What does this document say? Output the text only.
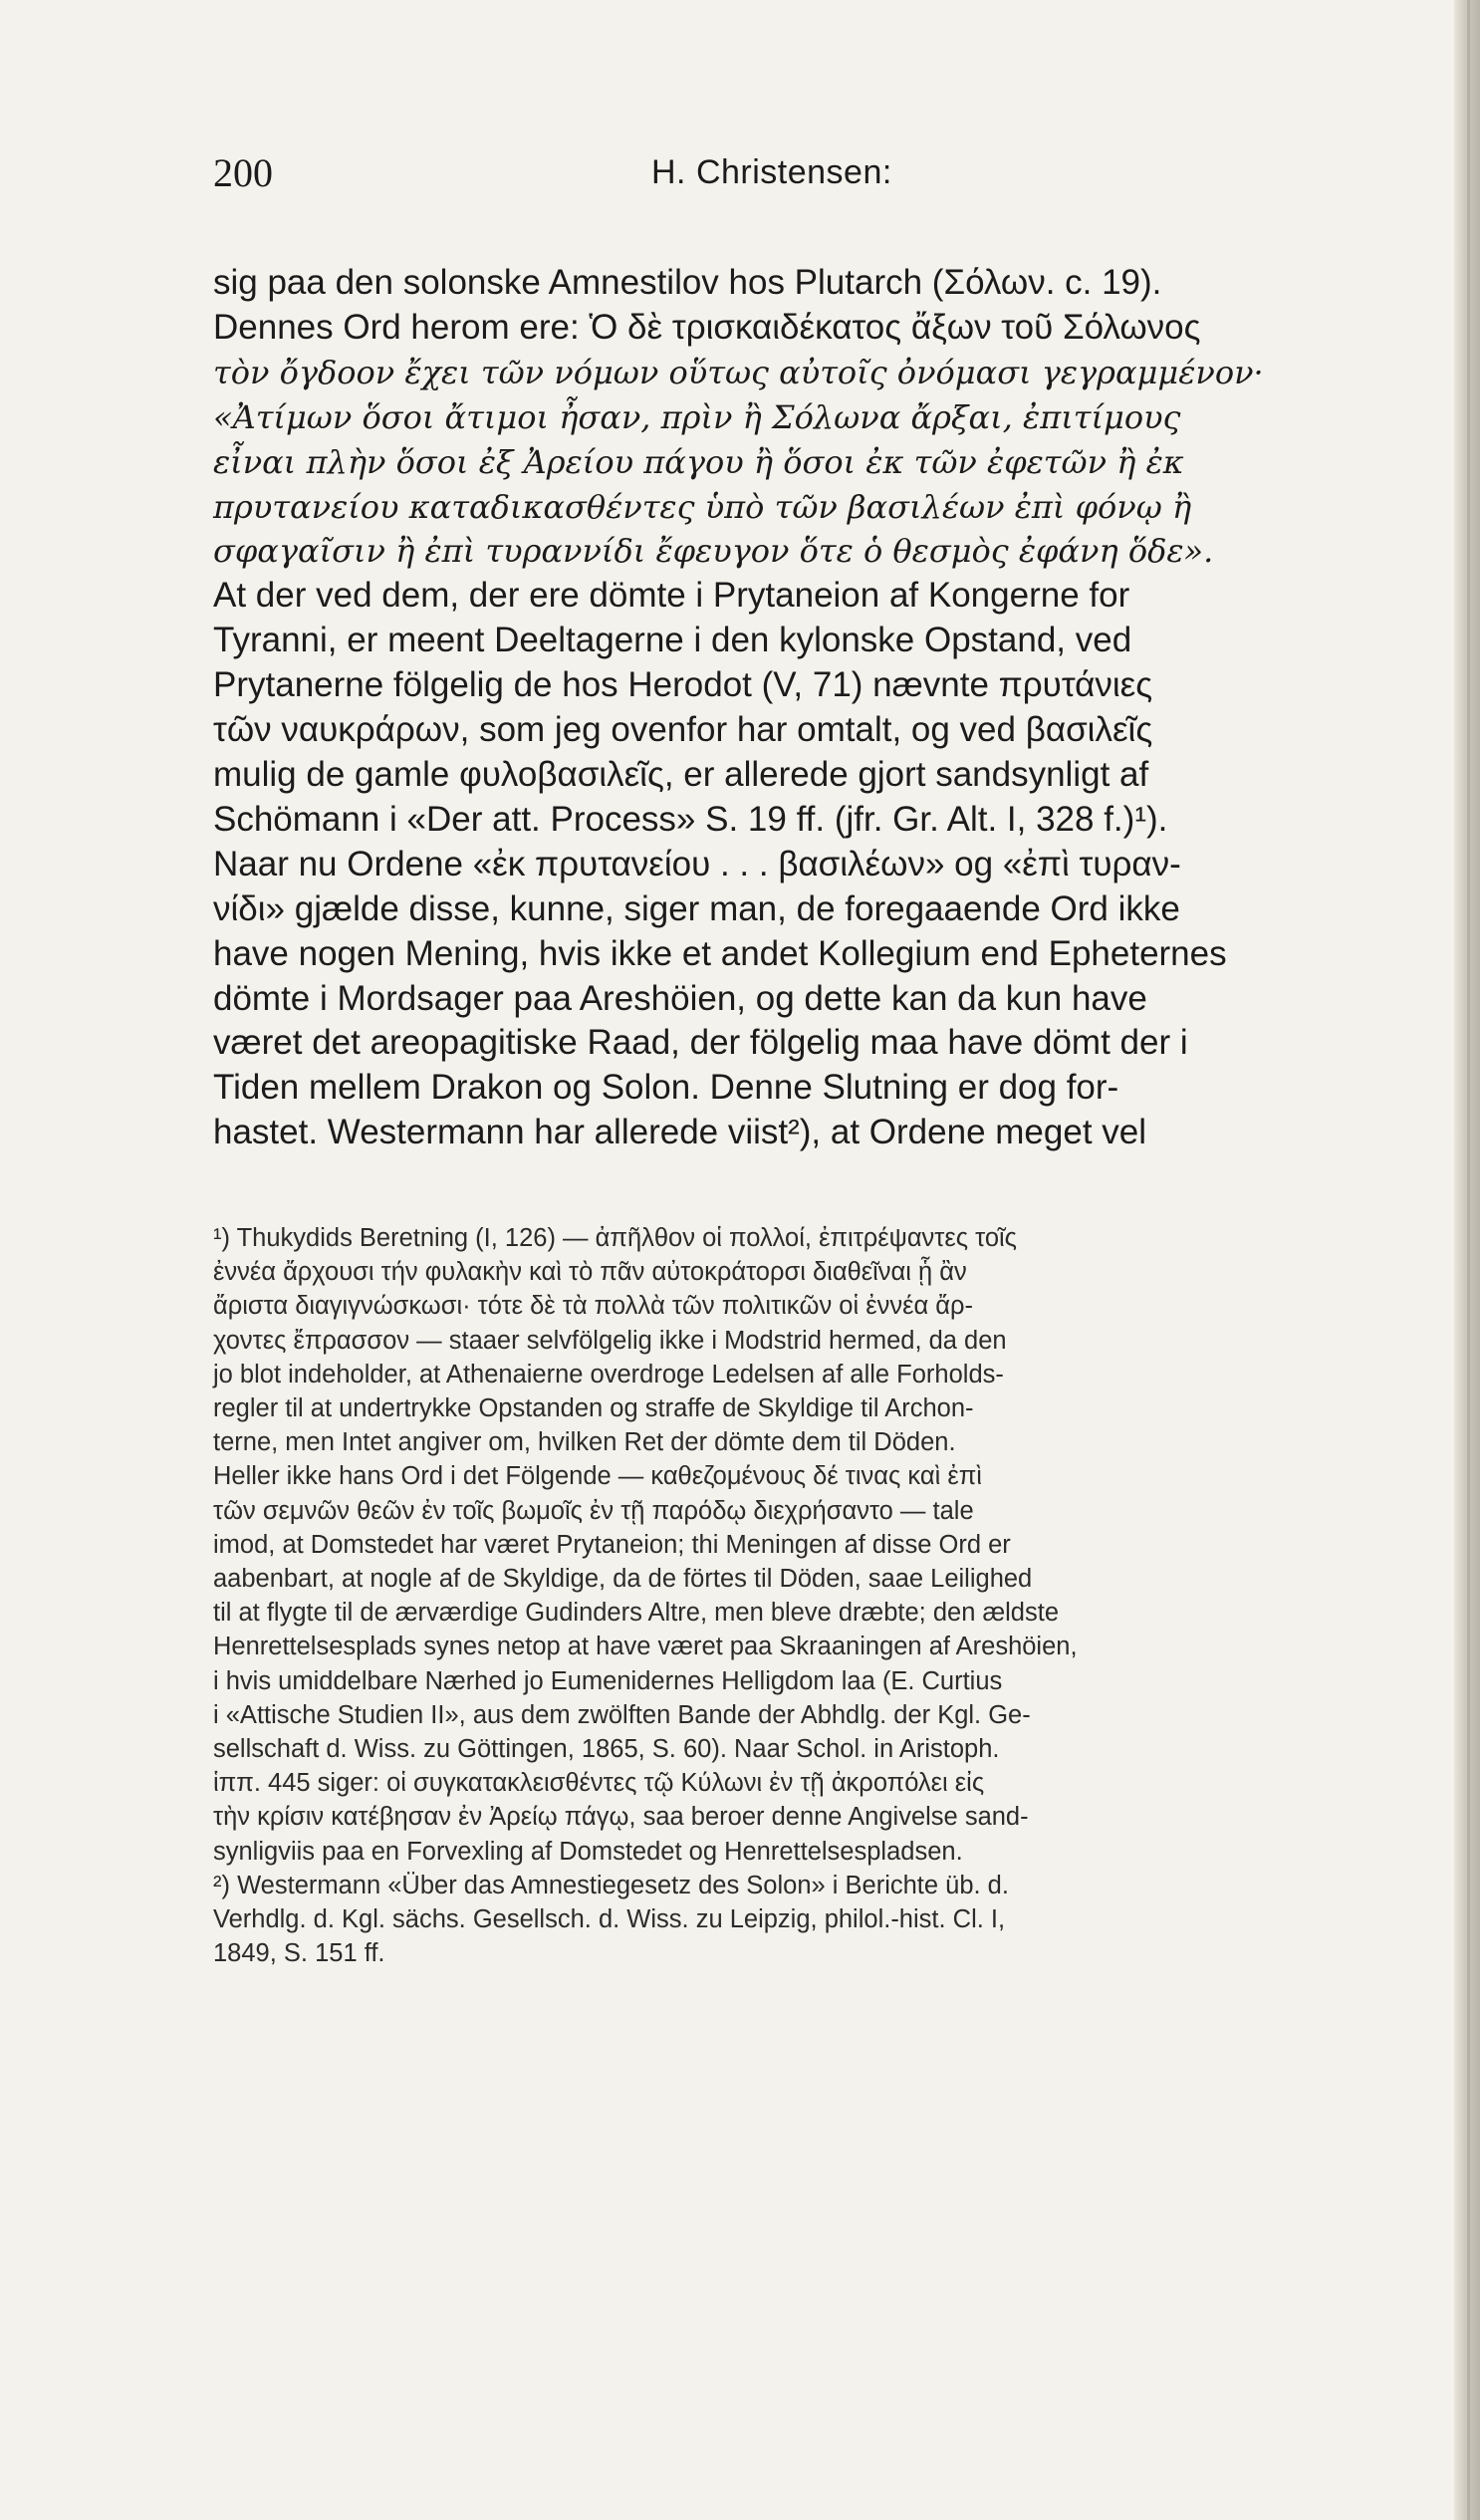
200	H. Christensen:

sig paa den solonske Amnestilov hos Plutarch (Σόλων. c. 19).

Dennes Ord herom ere: Ὁ δὲ τρισκαιδέκατος ἄξων τοῦ Σόλωνος

τὸν ὄγδοον ἔχει τῶν νόμων οὕτως αὐτοῖς ὀνόμασι γεγραμμένον·

«Ἀτίμων ὅσοι ἄτιμοι ἦσαν, πρὶν ἢ Σόλωνα ἄρξαι, ἐπιτίμους

εἶναι πλὴν ὅσοι ἐξ Ἀρείου πάγου ἢ ὅσοι ἐκ τῶν ἐφετῶν ἢ ἐκ

πρυτανείου καταδικασθέντες ὑπὸ τῶν βασιλέων ἐπὶ φόνῳ ἢ

σφαγαῖσιν ἢ ἐπὶ τυραννίδι ἔφευγον ὅτε ὁ θεσμὸς ἐφάνη ὅδε».

At der ved dem, der ere dömte i Prytaneion af Kongerne for

Tyranni, er meent Deeltagerne i den kylonske Opstand, ved

Prytanerne fölgelig de hos Herodot (V, 71) nævnte πρυτάνιες

τῶν ναυκράρων, som jeg ovenfor har omtalt, og ved βασιλεῖς

mulig de gamle φυλοβασιλεῖς, er allerede gjort sandsynligt af

Schömann i «Der att. Process» S. 19 ff. (jfr. Gr. Alt. I, 328 f.)¹).

Naar nu Ordene «ἐκ πρυτανείου . . . βασιλέων» og «ἐπὶ τυραν-

νίδι» gjælde disse, kunne, siger man, de foregaaende Ord ikke

have nogen Mening, hvis ikke et andet Kollegium end Epheternes

dömte i Mordsager paa Areshöien, og dette kan da kun have

været det areopagitiske Raad, der fölgelig maa have dömt der i

Tiden mellem Drakon og Solon. Denne Slutning er dog for-

hastet. Westermann har allerede viist²), at Ordene meget vel

¹) Thukydids Beretning (I, 126) — ἀπῆλθον οἱ πολλοί, ἐπιτρέψαντες τοῖς

ἐννέα ἄρχουσι τήν φυλακὴν καὶ τὸ πᾶν αὐτοκράτορσι διαθεῖναι ᾗ ἂν

ἄριστα διαγιγνώσκωσι· τότε δὲ τὰ πολλὰ τῶν πολιτικῶν οἱ ἐννέα ἄρ-

χοντες ἔπρασσον — staaer selvfölgelig ikke i Modstrid hermed, da den

jo blot indeholder, at Athenaierne overdroge Ledelsen af alle Forholds-

regler til at undertrykke Opstanden og straffe de Skyldige til Archon-

terne, men Intet angiver om, hvilken Ret der dömte dem til Döden.

Heller ikke hans Ord i det Fölgende — καθεζομένους δέ τινας καὶ ἐπὶ

τῶν σεμνῶν θεῶν ἐν τοῖς βωμοῖς ἐν τῇ παρόδῳ διεχρήσαντο — tale

imod, at Domstedet har været Prytaneion; thi Meningen af disse Ord er

aabenbart, at nogle af de Skyldige, da de förtes til Döden, saae Leilighed

til at flygte til de ærværdige Gudinders Altre, men bleve dræbte; den ældste

Henrettelsesplads synes netop at have været paa Skraaningen af Areshöien,

i hvis umiddelbare Nærhed jo Eumenidernes Helligdom laa (E. Curtius

i «Attische Studien II», aus dem zwölften Bande der Abhdlg. der Kgl. Ge-

sellschaft d. Wiss. zu Göttingen, 1865, S. 60). Naar Schol. in Aristoph.

ἱππ. 445 siger: οἱ συγκατακλεισθέντες τῷ Κύλωνι ἐν τῇ ἀκροπόλει εἰς

τὴν κρίσιν κατέβησαν ἐν Ἀρείῳ πάγῳ, saa beroer denne Angivelse sand-

synligviis paa en Forvexling af Domstedet og Henrettelsespladsen.

²) Westermann «Über das Amnestiegesetz des Solon» i Berichte üb. d.

Verhdlg. d. Kgl. sächs. Gesellsch. d. Wiss. zu Leipzig, philol.-hist. Cl. I,

1849, S. 151 ff.
